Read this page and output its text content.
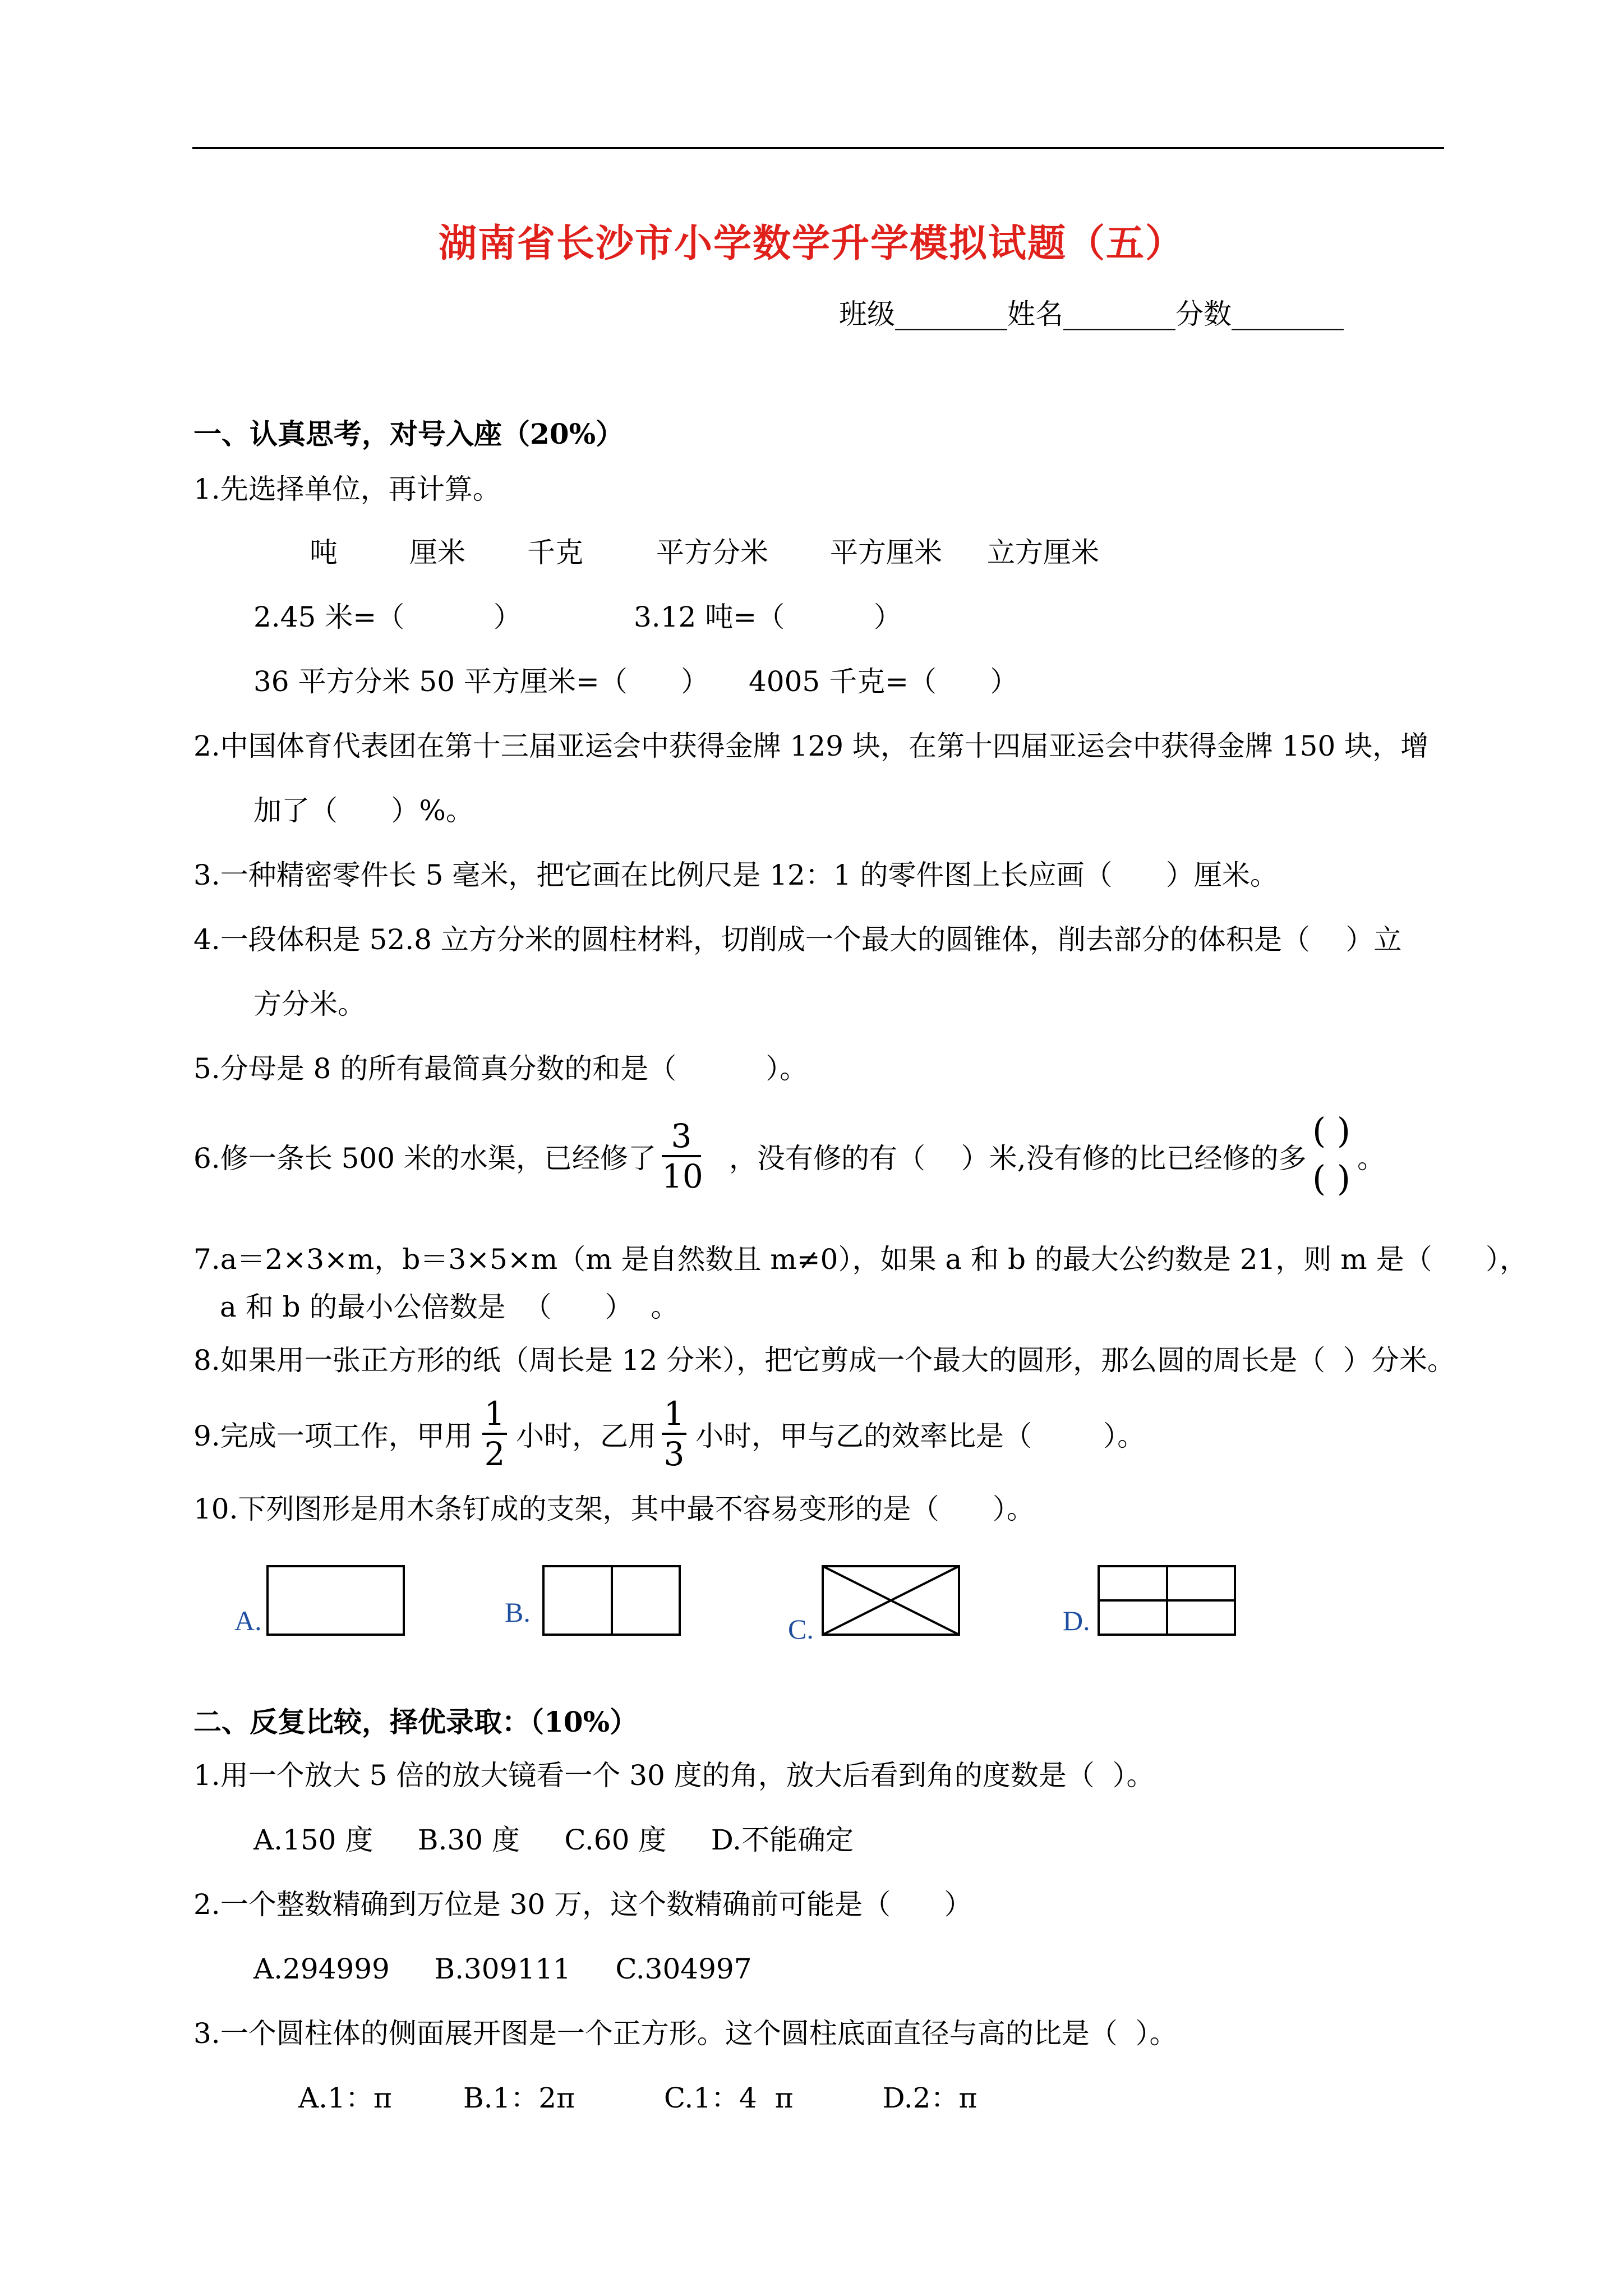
湖南省长沙市小学数学升学模拟试题（五）
班级________姓名________分数________
一、认真思考，对号入座（20%）
1.先选择单位，再计算。
吨	厘米 千克	平方分米 平方厘米 立方厘米
2.45 米=（          ）	3.12 吨=（          ）
36 平方分米 50 平方厘米=（      ） 4005 千克=（      ）
2.中国体育代表团在第十三届亚运会中获得金牌 129 块，在第十四届亚运会中获得金牌 150 块，增
加了（      ）%。
3.一种精密零件长 5 毫米，把它画在比例尺是 12：1 的零件图上长应画（      ）厘米。
4.一段体积是 52.8 立方分米的圆柱材料，切削成一个最大的圆锥体，削去部分的体积是（    ）立
方分米。
5.分母是 8 的所有最简真分数的和是（          ）。
6.修一条长 500 米的水渠，已经修了
3
10 ，没有修的有（    ）米,没有修的比已经修的多
( )
( ) 。
7.a＝2×3×m，b＝3×5×m（m 是自然数且 m≠0），如果 a 和 b 的最大公约数是 21，则 m 是（      ），
a 和 b 的最小公倍数是  （      ）  。
8.如果用一张正方形的纸（周长是 12 分米），把它剪成一个最大的圆形，那么圆的周长是（  ）分米。
9.完成一项工作，甲用
1
2 小时，乙用
1
3 小时，甲与乙的效率比是（        ）。
10.下列图形是用木条钉成的支架，其中最不容易变形的是（      ）。
A.	B.
C.	D.
二、反复比较，择优录取：（10%）
1.用一个放大 5 倍的放大镜看一个 30 度的角，放大后看到角的度数是（  ）。
A.150 度     B.30 度     C.60 度     D.不能确定
2.一个整数精确到万位是 30 万，这个数精确前可能是（      ）
A.294999     B.309111     C.304997
3.一个圆柱体的侧面展开图是一个正方形。这个圆柱底面直径与高的比是（  ）。
A.1：π        B.1：2π          C.1：4  π          D.2：π
